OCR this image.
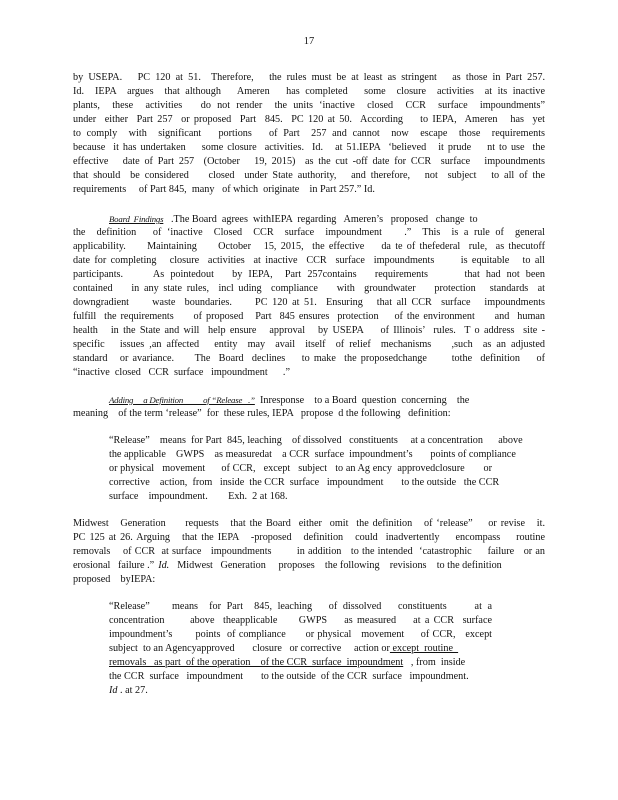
17
by USEPA.   PC 120 at 51.  Therefore,   the rules must be at least as stringent   as those in Part 257.
Id.  IEPA  argues  that although   Ameren   has completed   some  closure  activities  at its inactive
plants,  these  activities   do not render  the units ‘inactive  closed  CCR  surface  impoundments”
under  either  Part 257  or proposed  Part  845.  PC 120 at 50.  According    to IEPA,  Ameren   has  yet
to comply  with  significant   portions   of Part  257 and cannot  now  escape  those  requirements
because  it has undertaken    some closure  activities.  Id.   at 51.IEPA  ‘believed   it prude    nt to use  the
effective   date of Part 257  (October   19, 2015)  as the cut -off date for CCR  surface   impoundments
that should  be considered    closed  under State authority,   and therefore,   not  subject   to all of the
requirements     of Part 845,  many   of which  originate    in Part 257.” Id.
Board  Findings   .The Board  agrees  withIEPA  regarding   Ameren’s   proposed   change  to
the  definition   of ‘inactive  Closed  CCR  surface  impoundment    .”  This  is a rule of  general
applicability.     Maintaining     October   15, 2015,  the effective    da te of thefederal  rule,  as thecutoff
date for completing   closure  activities  at inactive  CCR  surface  impoundments      is equitable   to all
participants.     As pointedout   by IEPA,  Part 257contains   requirements      that had not been
contained    in any state rules,  incl uding  compliance    with  groundwater    protection   standards  at
downgradient     waste  boundaries.     PC 120 at 51.  Ensuring   that all CCR  surface   impoundments
fulfill  the requirements     of proposed   Part  845 ensures  protection    of the environment     and  human
health   in the State and will  help ensure   approval   by USEPA    of Illinois’  rules.  T o address  site -
specific   issues ,an affected   entity  may  avail  itself  of relief  mechanisms    ,such  as an adjusted
standard   or avariance.     The  Board  declines    to make  the proposedchange      tothe  definition    of
“inactive  closed   CCR  surface   impoundment      .”
Adding     a Definition          of “Release   .”  Inresponse    to a Board  question  concerning    the
meaning    of the term ‘release”  for  these rules, IEPA   propose  d the following   definition:
“Release”    means  for Part  845, leaching    of dissolved   constituents     at a concentration      above
the applicable    GWPS    as measuredat    a CCR  surface  impoundment’s       points of compliance
or physical   movement      of CCR,   except   subject   to an Ag ency  approvedclosure       or
corrective    action,  from   inside  the CCR  surface   impoundment       to the outside   the CCR
surface    impoundment.        Exh.  2 at 168.
Midwest   Generation     requests   that the Board  either  omit  the definition   of ‘release”    or revise   it.
PC 125 at 26. Arguing   that the IEPA   -proposed   definition   could  inadvertently    encompass    routine
removals    of CCR  at surface   impoundments        in addition   to the intended  ‘catastrophic     failure   or an
erosional   failure .” Id. Midwest   Generation     proposes    the following    revisions    to the definition
proposed    byIEPA:
“Release”    means  for Part  845, leaching   of dissolved   constituents     at a
concentration      above  theapplicable     GWPS    as measured    at a CCR  surface
impoundment’s       points  of compliance      or physical   movement     of CCR,   except
subject  to an Agencyapproved       closure   or corrective     action or except  routine
removals   as part  of the operation    of the CCR  surface  impoundment   , from  inside
the CCR  surface   impoundment       to the outside  of the CCR  surface   impoundment.
Id . at 27.
